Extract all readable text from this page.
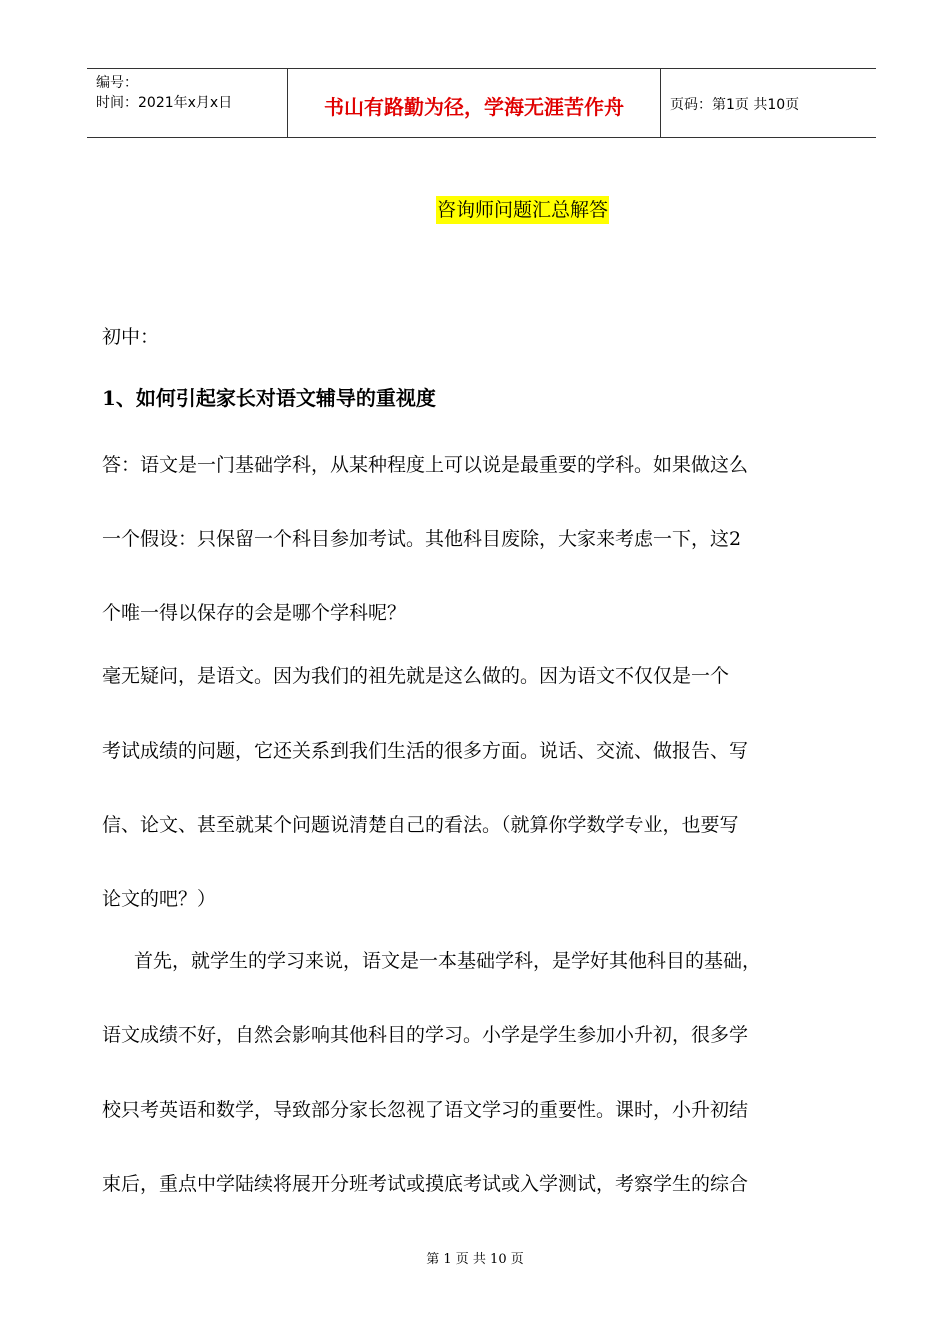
编号：
时间：2021年x月x日	书山有路勤为径，学海无涯苦作舟	页码：第1页 共10页
咨询师问题汇总解答
初中：
1、如何引起家长对语文辅导的重视度
答：语文是一门基础学科，从某种程度上可以说是最重要的学科。如果做这么
一个假设：只保留一个科目参加考试。其他科目废除，大家来考虑一下，这2
个唯一得以保存的会是哪个学科呢？
毫无疑问，是语文。因为我们的祖先就是这么做的。因为语文不仅仅是一个
考试成绩的问题，它还关系到我们生活的很多方面。说话、交流、做报告、写
信、论文、甚至就某个问题说清楚自己的看法。（就算你学数学专业，也要写
论文的吧？）
首先，就学生的学习来说，语文是一本基础学科，是学好其他科目的基础，
语文成绩不好，自然会影响其他科目的学习。小学是学生参加小升初，很多学
校只考英语和数学，导致部分家长忽视了语文学习的重要性。课时，小升初结
束后，重点中学陆续将展开分班考试或摸底考试或入学测试，考察学生的综合
第 1 页 共 10 页
